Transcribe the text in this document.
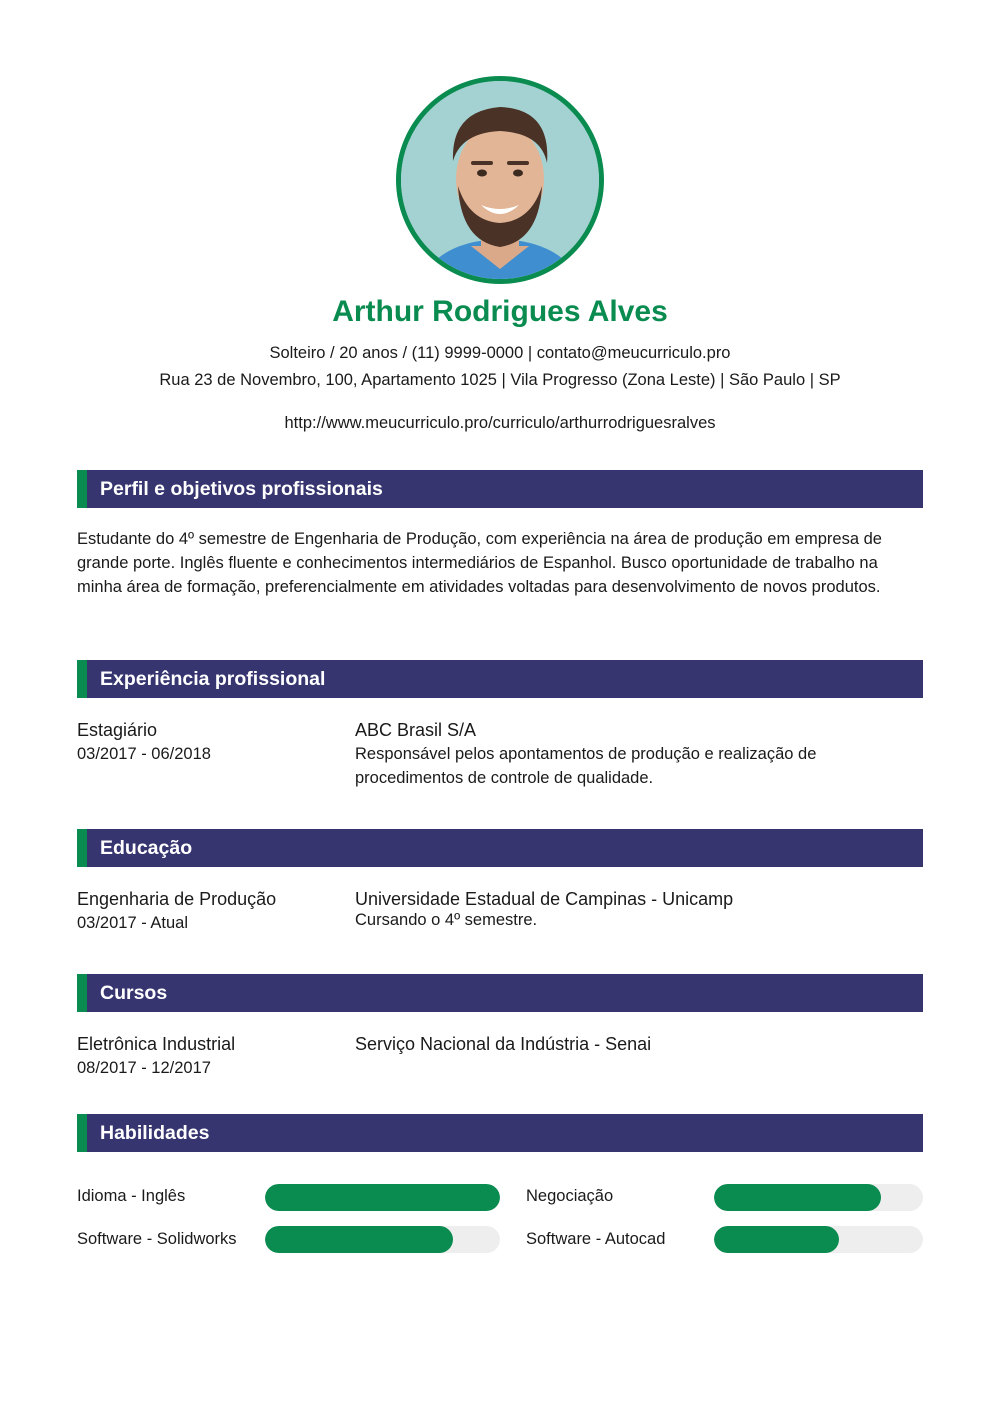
Arthur Rodrigues Alves
Solteiro / 20 anos / (11) 9999-0000 | contato@meucurriculo.pro
Rua 23 de Novembro, 100, Apartamento 1025 | Vila Progresso (Zona Leste) | São Paulo | SP
http://www.meucurriculo.pro/curriculo/arthurrodriguesralves
Perfil e objetivos profissionais
Estudante do 4º semestre de Engenharia de Produção, com experiência na área de produção em empresa de grande porte. Inglês fluente e conhecimentos intermediários de Espanhol. Busco oportunidade de trabalho na minha área de formação, preferencialmente em atividades voltadas para desenvolvimento de novos produtos.
Experiência profissional
Estagiário
03/2017 - 06/2018
ABC Brasil S/A
Responsável pelos apontamentos de produção e realização de procedimentos de controle de qualidade.
Educação
Engenharia de Produção
03/2017 - Atual
Universidade Estadual de Campinas - Unicamp
Cursando o 4º semestre.
Cursos
Eletrônica Industrial
08/2017 - 12/2017
Serviço Nacional da Indústria - Senai
Habilidades
Idioma - Inglês	Negociação
Software - Solidworks	Software - Autocad
